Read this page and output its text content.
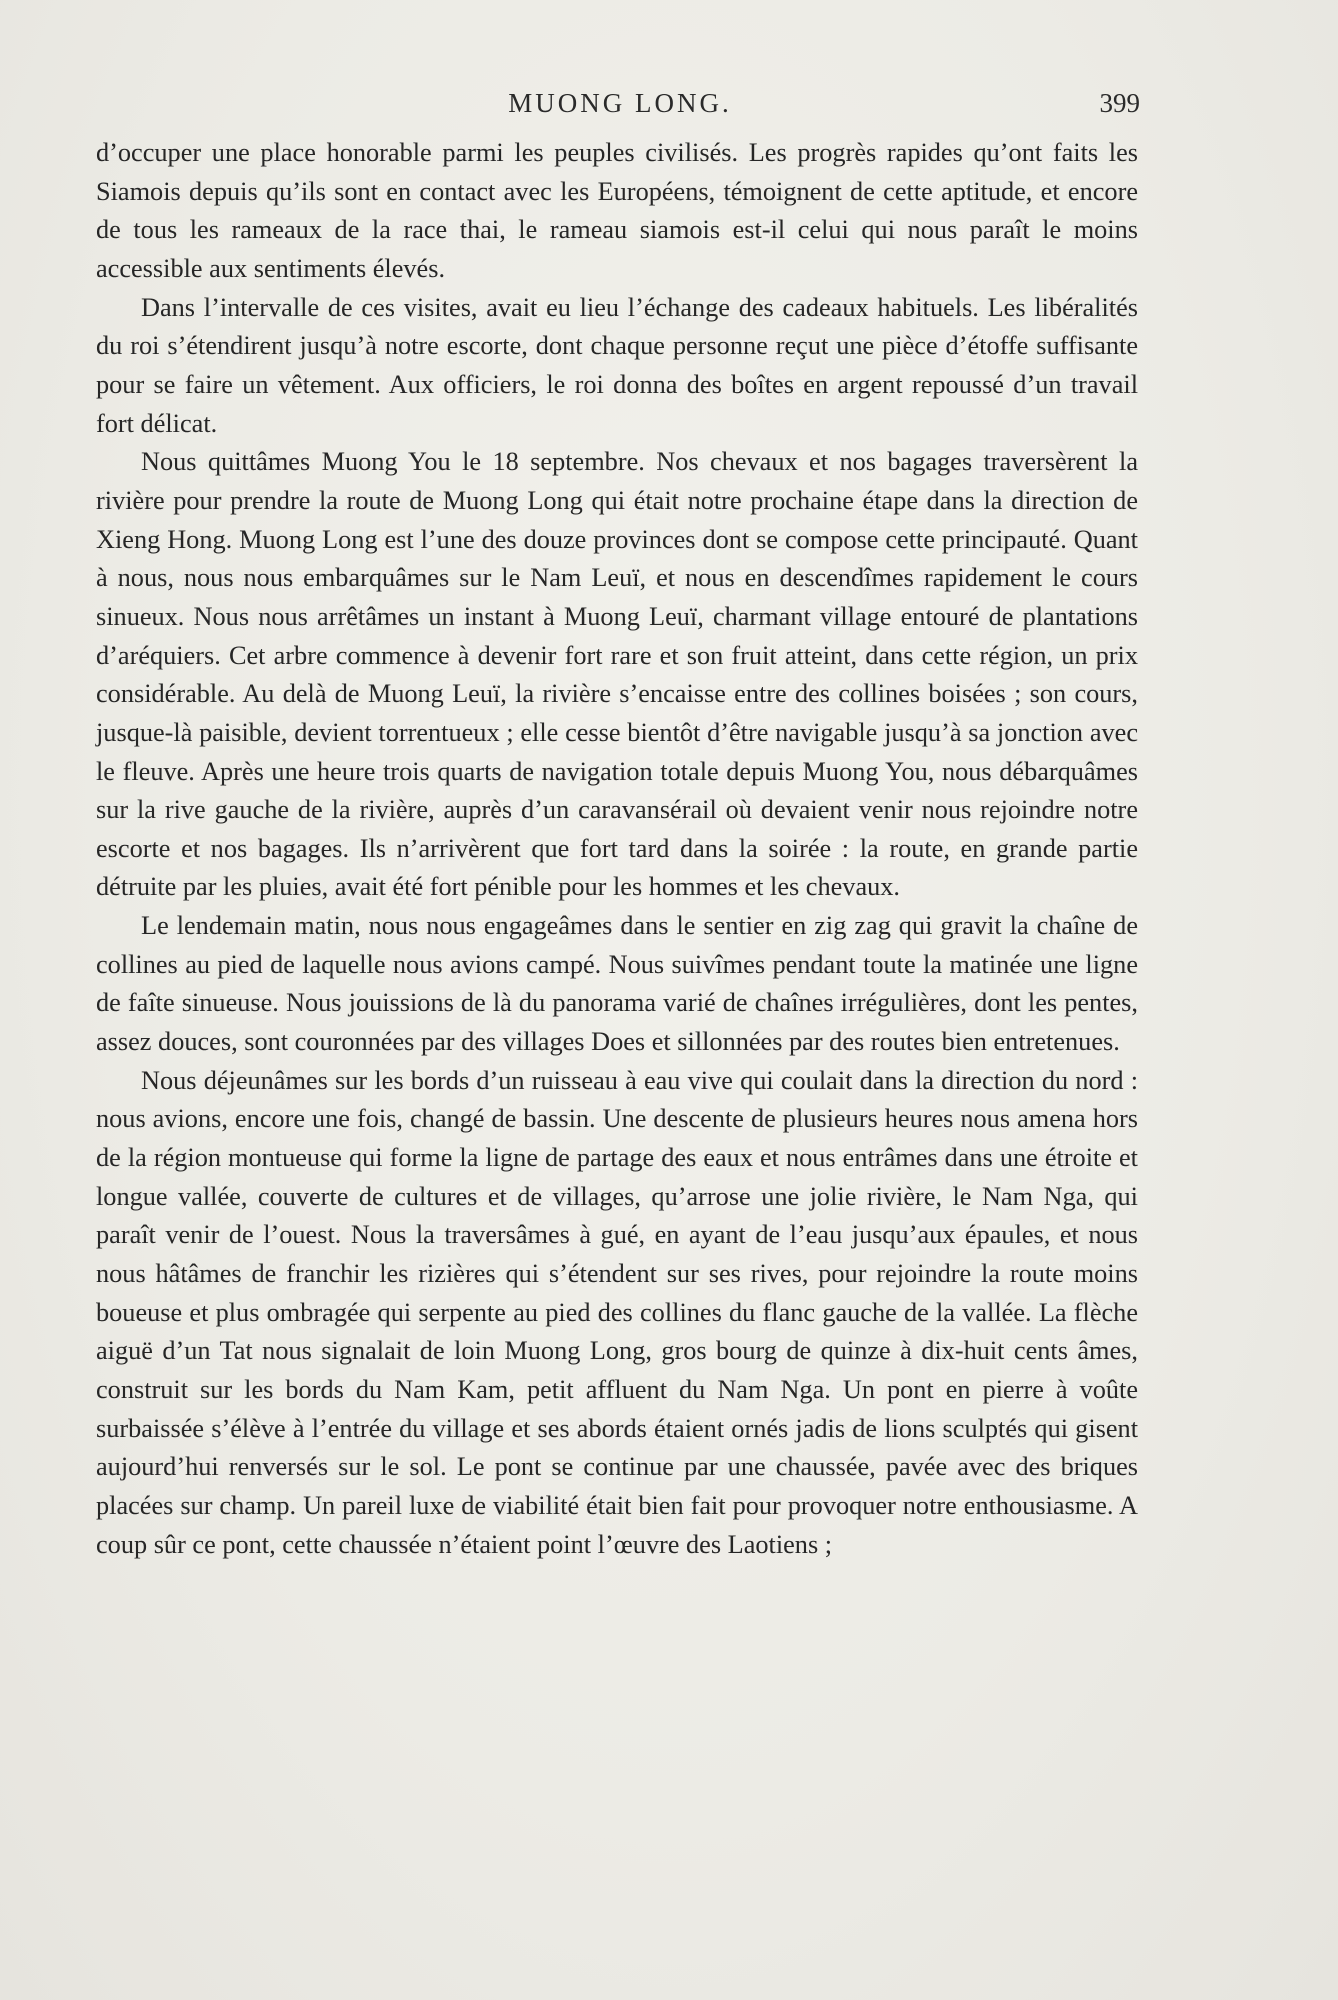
MUONG LONG.	399

d’occuper une place honorable parmi les peuples civilisés. Les progrès rapides qu’ont faits les Siamois depuis qu’ils sont en contact avec les Européens, témoignent de cette aptitude, et encore de tous les rameaux de la race thai, le rameau siamois est-il celui qui nous paraît le moins accessible aux sentiments élevés.

Dans l’intervalle de ces visites, avait eu lieu l’échange des cadeaux habituels. Les libéralités du roi s’étendirent jusqu’à notre escorte, dont chaque personne reçut une pièce d’étoffe suffisante pour se faire un vêtement. Aux officiers, le roi donna des boîtes en argent repoussé d’un travail fort délicat.

Nous quittâmes Muong You le 18 septembre. Nos chevaux et nos bagages traversèrent la rivière pour prendre la route de Muong Long qui était notre prochaine étape dans la direction de Xieng Hong. Muong Long est l’une des douze provinces dont se compose cette principauté. Quant à nous, nous nous embarquâmes sur le Nam Leuï, et nous en descendîmes rapidement le cours sinueux. Nous nous arrêtâmes un instant à Muong Leuï, charmant village entouré de plantations d’aréquiers. Cet arbre commence à devenir fort rare et son fruit atteint, dans cette région, un prix considérable. Au delà de Muong Leuï, la rivière s’encaisse entre des collines boisées ; son cours, jusque-là paisible, devient torrentueux ; elle cesse bientôt d’être navigable jusqu’à sa jonction avec le fleuve. Après une heure trois quarts de navigation totale depuis Muong You, nous débarquâmes sur la rive gauche de la rivière, auprès d’un caravansérail où devaient venir nous rejoindre notre escorte et nos bagages. Ils n’arrivèrent que fort tard dans la soirée : la route, en grande partie détruite par les pluies, avait été fort pénible pour les hommes et les chevaux.

Le lendemain matin, nous nous engageâmes dans le sentier en zig zag qui gravit la chaîne de collines au pied de laquelle nous avions campé. Nous suivîmes pendant toute la matinée une ligne de faîte sinueuse. Nous jouissions de là du panorama varié de chaînes irrégulières, dont les pentes, assez douces, sont couronnées par des villages Does et sillonnées par des routes bien entretenues.

Nous déjeunâmes sur les bords d’un ruisseau à eau vive qui coulait dans la direction du nord : nous avions, encore une fois, changé de bassin. Une descente de plusieurs heures nous amena hors de la région montueuse qui forme la ligne de partage des eaux et nous entrâmes dans une étroite et longue vallée, couverte de cultures et de villages, qu’arrose une jolie rivière, le Nam Nga, qui paraît venir de l’ouest. Nous la traversâmes à gué, en ayant de l’eau jusqu’aux épaules, et nous nous hâtâmes de franchir les rizières qui s’étendent sur ses rives, pour rejoindre la route moins boueuse et plus ombragée qui serpente au pied des collines du flanc gauche de la vallée. La flèche aiguë d’un Tat nous signalait de loin Muong Long, gros bourg de quinze à dix-huit cents âmes, construit sur les bords du Nam Kam, petit affluent du Nam Nga. Un pont en pierre à voûte surbaissée s’élève à l’entrée du village et ses abords étaient ornés jadis de lions sculptés qui gisent aujourd’hui renversés sur le sol. Le pont se continue par une chaussée, pavée avec des briques placées sur champ. Un pareil luxe de viabilité était bien fait pour provoquer notre enthousiasme. A coup sûr ce pont, cette chaussée n’étaient point l’œuvre des Laotiens ;
